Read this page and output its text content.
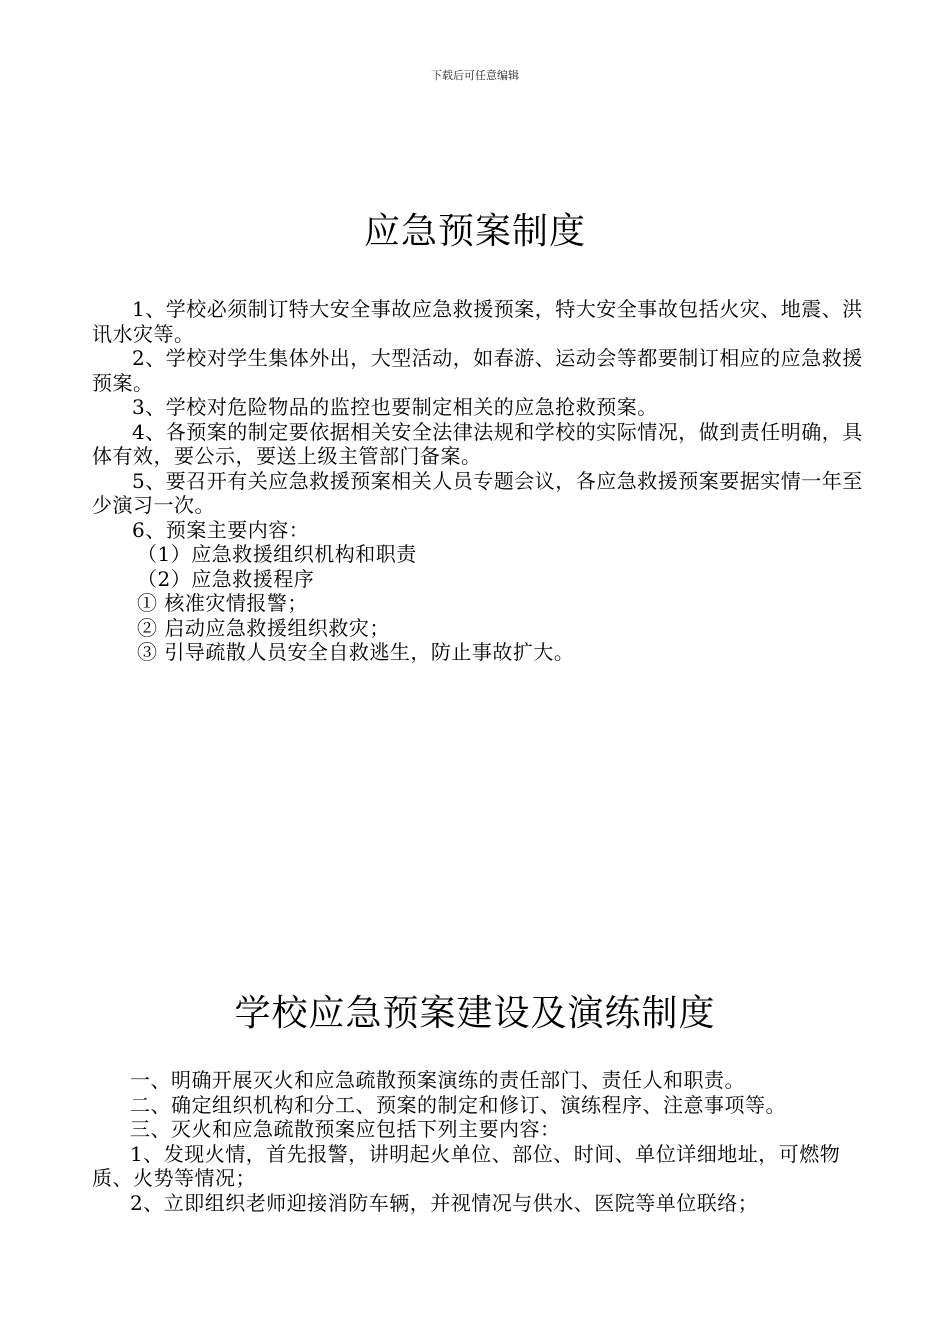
下载后可任意编辑
应急预案制度

1、学校必须制订特大安全事故应急救援预案，特大安全事故包括火灾、地震、洪讯水灾等。

2、学校对学生集体外出，大型活动，如春游、运动会等都要制订相应的应急救援预案。

3、学校对危险物品的监控也要制定相关的应急抢救预案。

4、各预案的制定要依据相关安全法律法规和学校的实际情况，做到责任明确，具体有效，要公示，要送上级主管部门备案。

5、要召开有关应急救援预案相关人员专题会议，各应急救援预案要据实情一年至少演习一次。

6、预案主要内容：

（1）应急救援组织机构和职责

（2）应急救援程序

① 核准灾情报警；

② 启动应急救援组织救灾；

③ 引导疏散人员安全自救逃生，防止事故扩大。

学校应急预案建设及演练制度

一、明确开展灭火和应急疏散预案演练的责任部门、责任人和职责。

二、确定组织机构和分工、预案的制定和修订、演练程序、注意事项等。

三、灭火和应急疏散预案应包括下列主要内容：

1、发现火情，首先报警，讲明起火单位、部位、时间、单位详细地址，可燃物质、火势等情况；

2、立即组织老师迎接消防车辆，并视情况与供水、医院等单位联络；
